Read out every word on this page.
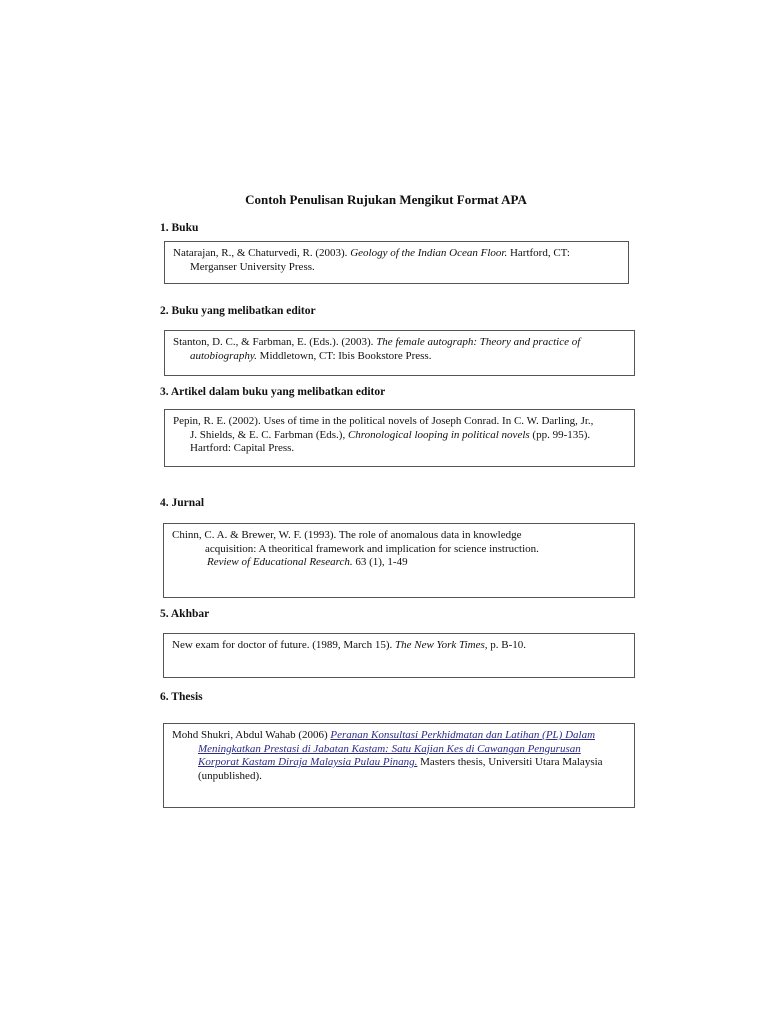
Contoh Penulisan Rujukan Mengikut Format APA
1. Buku
Natarajan, R., & Chaturvedi, R. (2003). Geology of the Indian Ocean Floor. Hartford, CT:
Merganser University Press.
2. Buku yang melibatkan editor
Stanton, D. C., & Farbman, E. (Eds.). (2003). The female autograph: Theory and practice of
autobiography. Middletown, CT: Ibis Bookstore Press.
3. Artikel dalam buku yang melibatkan editor
Pepin, R. E. (2002). Uses of time in the political novels of Joseph Conrad. In C. W. Darling, Jr.,
J. Shields, & E. C. Farbman (Eds.), Chronological looping in political novels (pp. 99-135).
Hartford: Capital Press.
4. Jurnal
Chinn, C. A. & Brewer, W. F. (1993). The role of anomalous data in knowledge
acquisition: A theoritical framework and implication for science instruction.
Review of Educational Research. 63 (1), 1-49
5. Akhbar
New exam for doctor of future. (1989, March 15). The New York Times, p. B-10.
6. Thesis
Mohd Shukri, Abdul Wahab (2006) Peranan Konsultasi Perkhidmatan dan Latihan (PL) Dalam
Meningkatkan Prestasi di Jabatan Kastam: Satu Kajian Kes di Cawangan Pengurusan
Korporat Kastam Diraja Malaysia Pulau Pinang. Masters thesis, Universiti Utara Malaysia
(unpublished).
